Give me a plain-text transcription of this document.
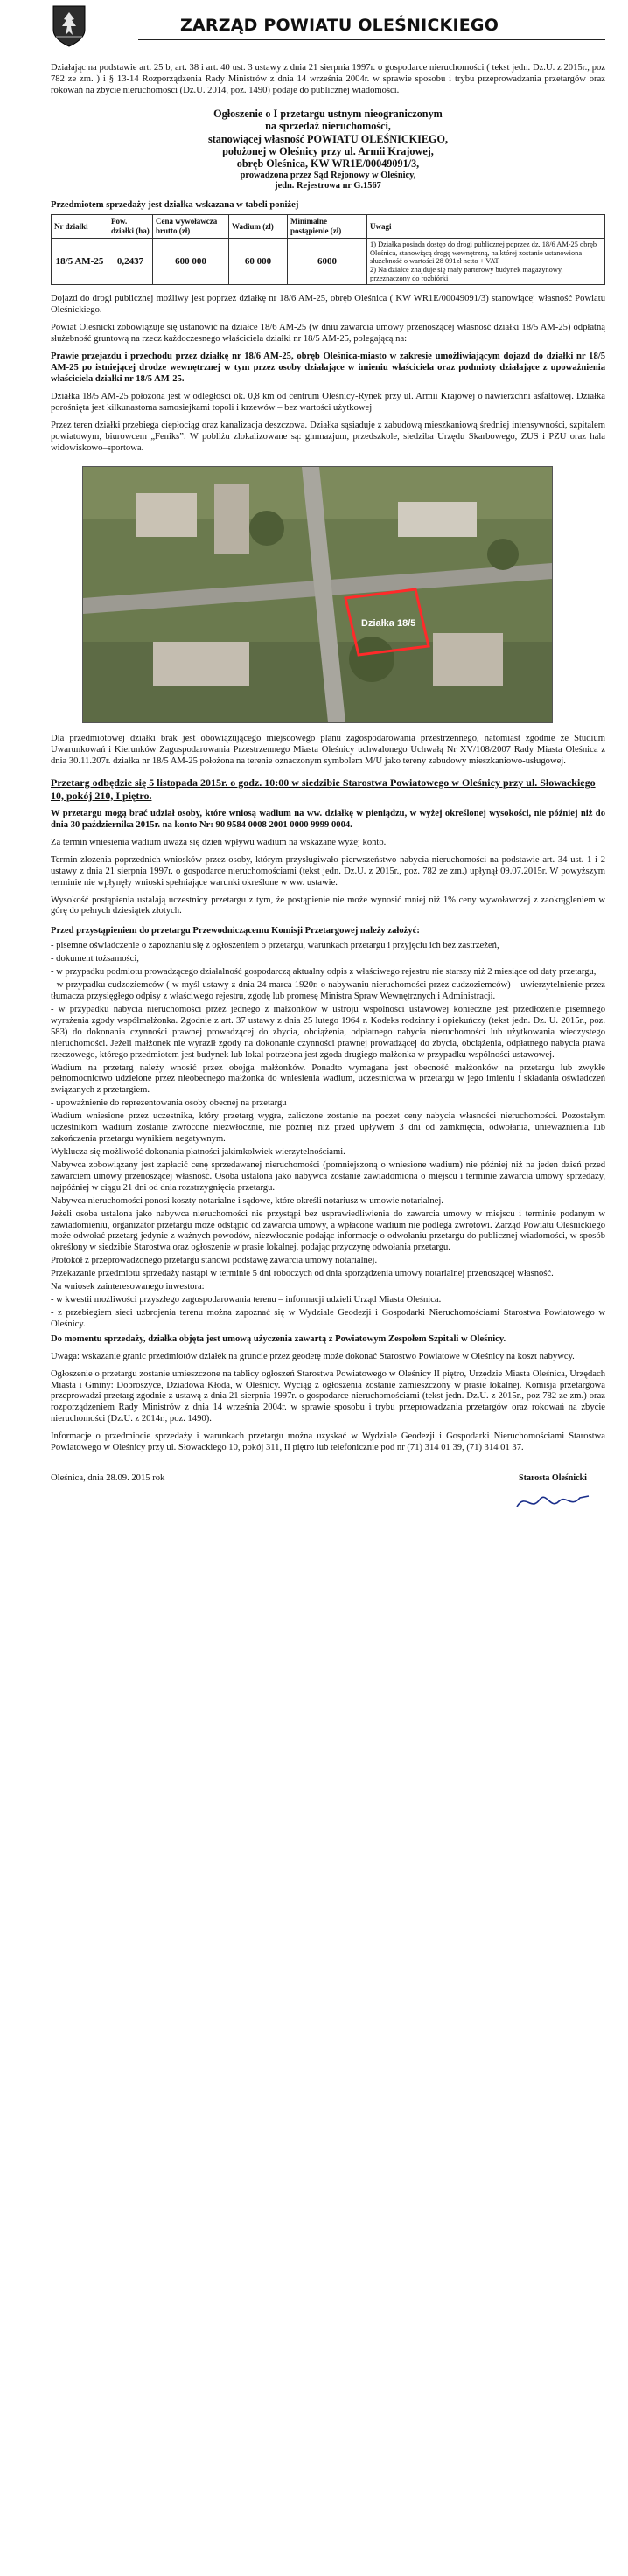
ZARZĄD POWIATU OLEŚNICKIEGO

Działając na podstawie art. 25 b, art. 38 i art. 40 ust. 3 ustawy z dnia 21 sierpnia 1997r. o gospodarce nieruchomości ( tekst jedn. Dz.U. z 2015r., poz 782 ze zm. ) i § 13-14 Rozporządzenia Rady Ministrów z dnia 14 września 2004r. w sprawie sposobu i trybu przeprowadzania przetargów oraz rokowań na zbycie nieruchomości (Dz.U. 2014, poz. 1490) podaje do publicznej wiadomości.

Ogłoszenie o I przetargu ustnym nieograniczonym
na sprzedaż nieruchomości,
stanowiącej własność POWIATU OLEŚNICKIEGO,
położonej w Oleśnicy przy ul. Armii Krajowej,
obręb Oleśnica, KW WR1E/00049091/3,
prowadzona przez Sąd Rejonowy w Oleśnicy,
jedn. Rejestrowa nr G.1567
Przedmiotem sprzedaży jest działka wskazana w tabeli poniżej
Nr działki	Pow. działki (ha)	Cena wywoławcza brutto (zł)	Wadium (zł)	Minimalne postąpienie (zł)	Uwagi
18/5 AM-25	0,2437	600 000	60 000	6000	1) Działka posiada dostęp do drogi publicznej poprzez dz. 18/6 AM-25 obręb Oleśnica, stanowiącą drogę wewnętrzną, na której zostanie ustanowiona służebność o wartości 28 091zł netto + VAT
2) Na działce znajduje się mały parterowy budynek magazynowy, przeznaczony do rozbiórki

Dojazd do drogi publicznej możliwy jest poprzez działkę nr 18/6 AM-25, obręb Oleśnica ( KW WR1E/00049091/3) stanowiącej własność Powiatu Oleśnickiego.

Powiat Oleśnicki zobowiązuje się ustanowić na działce 18/6 AM-25 (w dniu zawarcia umowy przenoszącej własność działki 18/5 AM-25) odpłatną służebność gruntową na rzecz każdoczesnego właściciela działki nr 18/5 AM-25, polegającą na:

Prawie przejazdu i przechodu przez działkę nr 18/6 AM-25, obręb Oleśnica-miasto w zakresie umożliwiającym dojazd do działki nr 18/5 AM-25 po istniejącej drodze wewnętrznej w tym przez osoby działające w imieniu właściciela oraz podmioty działające z upoważnienia właściciela działki nr 18/5 AM-25.

Działka 18/5 AM-25 położona jest w odległości ok. 0,8 km od centrum Oleśnicy-Rynek przy ul. Armii Krajowej o nawierzchni asfaltowej. Działka porośnięta jest kilkunastoma samosiejkami topoli i krzewów – bez wartości użytkowej

Przez teren działki przebiega ciepłociąg oraz kanalizacja deszczowa. Działka sąsiaduje z zabudową mieszkaniową średniej intensywności, szpitalem powiatowym, biurowcem „Feniks”. W pobliżu zlokalizowane są: gimnazjum, przedszkole, siedziba Urzędu Skarbowego, ZUS i PZU oraz hala widowiskowo–sportowa.

Działka 18/5

Dla przedmiotowej działki brak jest obowiązującego miejscowego planu zagospodarowania przestrzennego, natomiast zgodnie ze Studium Uwarunkowań i Kierunków Zagospodarowania Przestrzennego Miasta Oleśnicy uchwalonego Uchwałą Nr XV/108/2007 Rady Miasta Oleśnica z dnia 30.11.207r. działka nr 18/5 AM-25 położona na terenie oznaczonym symbolem M/U jako tereny zabudowy mieszkaniowo-usługowej.

Przetarg odbędzie się 5 listopada 2015r. o godz. 10:00 w siedzibie Starostwa Powiatowego w Oleśnicy przy ul. Słowackiego 10, pokój 210, I piętro.

W przetargu mogą brać udział osoby, które wniosą wadium na ww. działkę w pieniądzu, w wyżej określonej wysokości, nie później niż do dnia 30 października 2015r. na konto Nr: 90 9584 0008 2001 0000 9999 0004.

Za termin wniesienia wadium uważa się dzień wpływu wadium na wskazane wyżej konto.

Termin złożenia poprzednich wniosków przez osoby, którym przysługiwało pierwszeństwo nabycia nieruchomości na podstawie art. 34 ust. 1 i 2 ustawy z dnia 21 sierpnia 1997r. o gospodarce nieruchomościami (tekst jedn. Dz.U. z 2015r., poz. 782 ze zm.) upłynął 09.07.2015r. W powyższym terminie nie wpłynęły wnioski spełniające warunki określone w ww. ustawie.

Wysokość postąpienia ustalają uczestnicy przetargu z tym, że postąpienie nie może wynosić mniej niż 1% ceny wywoławczej z zaokrągleniem w górę do pełnych dziesiątek złotych.

Przed przystąpieniem do przetargu Przewodniczącemu Komisji Przetargowej należy założyć:

- pisemne oświadczenie o zapoznaniu się z ogłoszeniem o przetargu, warunkach przetargu i przyjęciu ich bez zastrzeżeń,

- dokument tożsamości,

- w przypadku podmiotu prowadzącego działalność gospodarczą aktualny odpis z właściwego rejestru nie starszy niż 2 miesiące od daty przetargu,

- w przypadku cudzoziemców ( w myśl ustawy z dnia 24 marca 1920r. o nabywaniu nieruchomości przez cudzoziemców) – uwierzytelnienie przez tłumacza przysięgłego odpisy z właściwego rejestru, zgodę lub promesę Ministra Spraw Wewnętrznych i Administracji.

- w przypadku nabycia nieruchomości przez jednego z małżonków w ustroju wspólności ustawowej konieczne jest przedłożenie pisemnego wyrażenia zgody współmałżonka. Zgodnie z art. 37 ustawy z dnia 25 lutego 1964 r. Kodeks rodzinny i opiekuńczy (tekst jedn. Dz. U. 2015r., poz. 583) do dokonania czynności prawnej prowadzącej do zbycia, obciążenia, odpłatnego nabycia nieruchomości lub użytkowania wieczystego nieruchomości. Jeżeli małżonek nie wyraził zgody na dokonanie czynności prawnej prowadzącej do zbycia, obciążenia, odpłatnego nabycia prawa rzeczowego, którego przedmiotem jest budynek lub lokal potrzebna jest zgoda drugiego małżonka w przypadku wspólności ustawowej.

Wadium na przetarg należy wnosić przez obojga małżonków. Ponadto wymagana jest obecność małżonków na przetargu lub zwykłe pełnomocnictwo udzielone przez nieobecnego małżonka do wniesienia wadium, uczestnictwa w przetargu w jego imieniu i składania oświadczeń związanych z przetargiem.

- upoważnienie do reprezentowania osoby obecnej na przetargu

Wadium wniesione przez uczestnika, który przetarg wygra, zaliczone zostanie na poczet ceny nabycia własności nieruchomości. Pozostałym uczestnikom wadium zostanie zwrócone niezwłocznie, nie później niż przed upływem 3 dni od zamknięcia, odwołania, unieważnienia lub zakończenia przetargu wynikiem negatywnym.

Wyklucza się możliwość dokonania płatności jakimkolwiek wierzytelnościami.

Nabywca zobowiązany jest zapłacić cenę sprzedawanej nieruchomości (pomniejszoną o wniesione wadium) nie później niż na jeden dzień przed zawarciem umowy przenoszącej własność. Osoba ustalona jako nabywca zostanie zawiadomiona o miejscu i terminie zawarcia umowy sprzedaży, najpóźniej w ciągu 21 dni od dnia rozstrzygnięcia przetargu.

Nabywca nieruchomości ponosi koszty notarialne i sądowe, które określi notariusz w umowie notarialnej.

Jeżeli osoba ustalona jako nabywca nieruchomości nie przystąpi bez usprawiedliwienia do zawarcia umowy w miejscu i terminie podanym w zawiadomieniu, organizator przetargu może odstąpić od zawarcia umowy, a wpłacone wadium nie podlega zwrotowi. Zarząd Powiatu Oleśnickiego może odwołać przetarg jedynie z ważnych powodów, niezwłocznie podając informacje o odwołaniu przetargu do publicznej wiadomości, w sposób określony w siedzibie Starostwa oraz ogłoszenie w prasie lokalnej, podając przyczynę odwołania przetargu.

Protokół z przeprowadzonego przetargu stanowi podstawę zawarcia umowy notarialnej.

Przekazanie przedmiotu sprzedaży nastąpi w terminie 5 dni roboczych od dnia sporządzenia umowy notarialnej przenoszącej własność.

Na wniosek zainteresowanego inwestora:

- w kwestii możliwości przyszłego zagospodarowania terenu – informacji udzieli Urząd Miasta Oleśnica.

- z przebiegiem sieci uzbrojenia terenu można zapoznać się w Wydziale Geodezji i Gospodarki Nieruchomościami Starostwa Powiatowego w Oleśnicy.

Do momentu sprzedaży, działka objęta jest umową użyczenia zawartą z Powiatowym Zespołem Szpitali w Oleśnicy.

Uwaga: wskazanie granic przedmiotów działek na gruncie przez geodetę może dokonać Starostwo Powiatowe w Oleśnicy na koszt nabywcy.

Ogłoszenie o przetargu zostanie umieszczone na tablicy ogłoszeń Starostwa Powiatowego w Oleśnicy II piętro, Urzędzie Miasta Oleśnica, Urzędach Miasta i Gminy: Dobroszyce, Dziadowa Kłoda, w Oleśnicy. Wyciąg z ogłoszenia zostanie zamieszczony w prasie lokalnej. Komisja przetargowa przeprowadzi przetarg zgodnie z ustawą z dnia 21 sierpnia 1997r. o gospodarce nieruchomościami (tekst jedn. Dz.U. z 2015r., poz 782 ze zm.) oraz rozporządzeniem Rady Ministrów z dnia 14 września 2004r. w sprawie sposobu i trybu przeprowadzania przetargów oraz rokowań na zbycie nieruchomości (Dz.U. z 2014r., poz. 1490).

Informacje o przedmiocie sprzedaży i warunkach przetargu można uzyskać w Wydziale Geodezji i Gospodarki Nieruchomościami Starostwa Powiatowego w Oleśnicy przy ul. Słowackiego 10, pokój 311, II piętro lub telefonicznie pod nr (71) 314 01 39, (71) 314 01 37.

Oleśnica, dnia 28.09. 2015 rok	Starosta Oleśnicki
